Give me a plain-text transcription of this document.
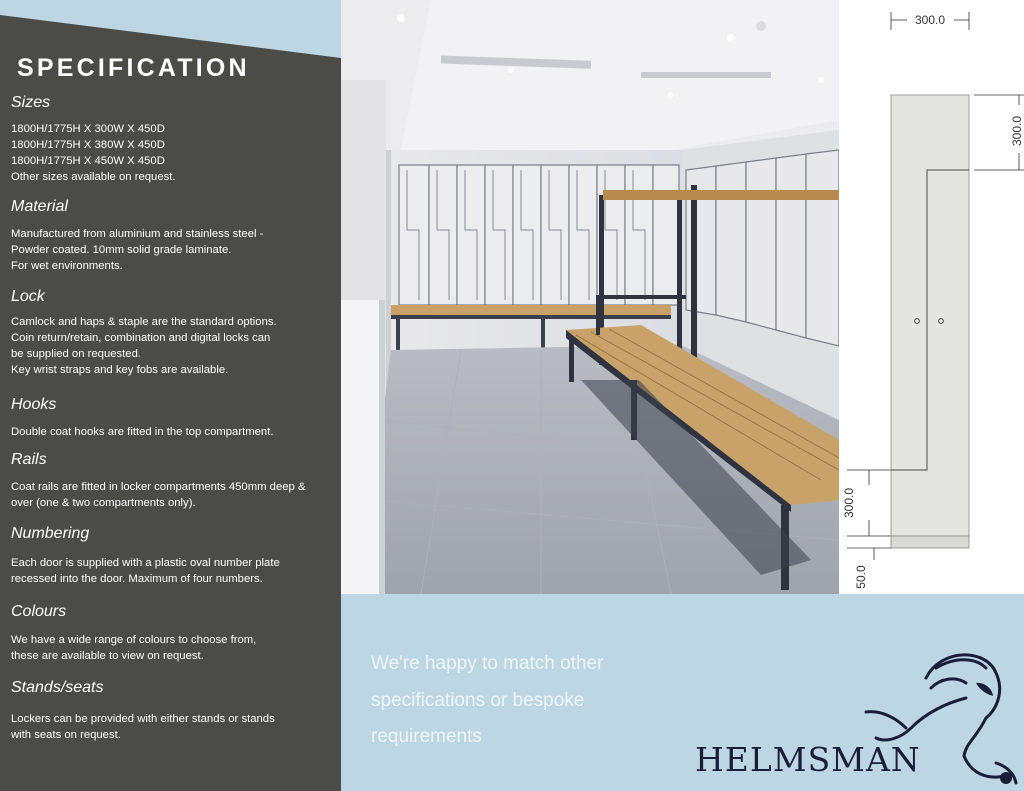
SPECIFICATION
Sizes
1800H/1775H X 300W X 450D
1800H/1775H X 380W X 450D
1800H/1775H X 450W X 450D
Other sizes available on request.
Material
Manufactured from aluminium and stainless steel -
Powder coated. 10mm solid grade laminate.
For wet environments.
Lock
Camlock and haps & staple are the standard options.
Coin return/retain, combination and digital locks can
be supplied on requested.
Key wrist straps and key fobs are available.
Hooks
Double coat hooks are fitted in the top compartment.
Rails
Coat rails are fitted in locker compartments 450mm deep &
over (one & two compartments only).
Numbering
Each door is supplied with a plastic oval number plate
recessed into the door. Maximum of four numbers.
Colours
We have a wide range of colours to choose from,
these are available to view on request.
Stands/seats
Lockers can be provided with either stands or stands
with seats on request.
300.0
300.0
300.0
50.0

We're happy to match other specifications or bespoke requirements

HELMSMAN
